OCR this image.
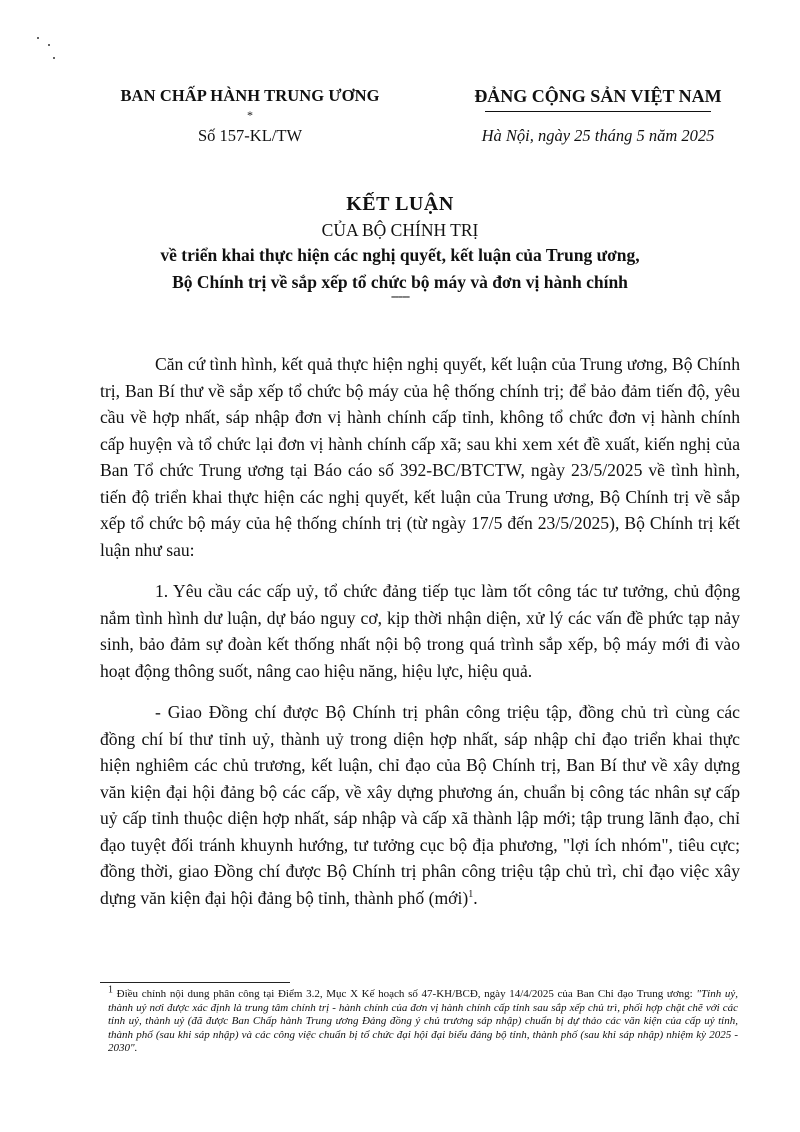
BAN CHẤP HÀNH TRUNG ƯƠNG
*
Số 157-KL/TW
ĐẢNG CỘNG SẢN VIỆT NAM
Hà Nội, ngày 25 tháng 5 năm 2025
KẾT LUẬN
CỦA BỘ CHÍNH TRỊ
về triển khai thực hiện các nghị quyết, kết luận của Trung ương,
Bộ Chính trị về sắp xếp tổ chức bộ máy và đơn vị hành chính
-----

Căn cứ tình hình, kết quả thực hiện nghị quyết, kết luận của Trung ương, Bộ Chính trị, Ban Bí thư về sắp xếp tổ chức bộ máy của hệ thống chính trị; để bảo đảm tiến độ, yêu cầu về hợp nhất, sáp nhập đơn vị hành chính cấp tỉnh, không tổ chức đơn vị hành chính cấp huyện và tổ chức lại đơn vị hành chính cấp xã; sau khi xem xét đề xuất, kiến nghị của Ban Tổ chức Trung ương tại Báo cáo số 392-BC/BTCTW, ngày 23/5/2025 về tình hình, tiến độ triển khai thực hiện các nghị quyết, kết luận của Trung ương, Bộ Chính trị về sắp xếp tổ chức bộ máy của hệ thống chính trị (từ ngày 17/5 đến 23/5/2025), Bộ Chính trị kết luận như sau:

1. Yêu cầu các cấp uỷ, tổ chức đảng tiếp tục làm tốt công tác tư tưởng, chủ động nắm tình hình dư luận, dự báo nguy cơ, kịp thời nhận diện, xử lý các vấn đề phức tạp nảy sinh, bảo đảm sự đoàn kết thống nhất nội bộ trong quá trình sắp xếp, bộ máy mới đi vào hoạt động thông suốt, nâng cao hiệu năng, hiệu lực, hiệu quả.

- Giao Đồng chí được Bộ Chính trị phân công triệu tập, đồng chủ trì cùng các đồng chí bí thư tỉnh uỷ, thành uỷ trong diện hợp nhất, sáp nhập chỉ đạo triển khai thực hiện nghiêm các chủ trương, kết luận, chỉ đạo của Bộ Chính trị, Ban Bí thư về xây dựng văn kiện đại hội đảng bộ các cấp, về xây dựng phương án, chuẩn bị công tác nhân sự cấp uỷ cấp tỉnh thuộc diện hợp nhất, sáp nhập và cấp xã thành lập mới; tập trung lãnh đạo, chỉ đạo tuyệt đối tránh khuynh hướng, tư tưởng cục bộ địa phương, "lợi ích nhóm", tiêu cực; đồng thời, giao Đồng chí được Bộ Chính trị phân công triệu tập chủ trì, chỉ đạo việc xây dựng văn kiện đại hội đảng bộ tỉnh, thành phố (mới)$^1$.

$^1$ Điều chỉnh nội dung phân công tại Điểm 3.2, Mục X Kế hoạch số 47-KH/BCĐ, ngày 14/4/2025 của Ban Chỉ đạo Trung ương: "Tỉnh uỷ, thành uỷ nơi được xác định là trung tâm chính trị - hành chính của đơn vị hành chính cấp tỉnh sau sắp xếp chủ trì, phối hợp chặt chẽ với các tỉnh uỷ, thành uỷ (đã được Ban Chấp hành Trung ương Đảng đồng ý chủ trương sáp nhập) chuẩn bị dự thảo các văn kiện của cấp uỷ tỉnh, thành phố (sau khi sáp nhập) và các công việc chuẩn bị tổ chức đại hội đại biểu đảng bộ tỉnh, thành phố (sau khi sáp nhập) nhiệm kỳ 2025 - 2030".
